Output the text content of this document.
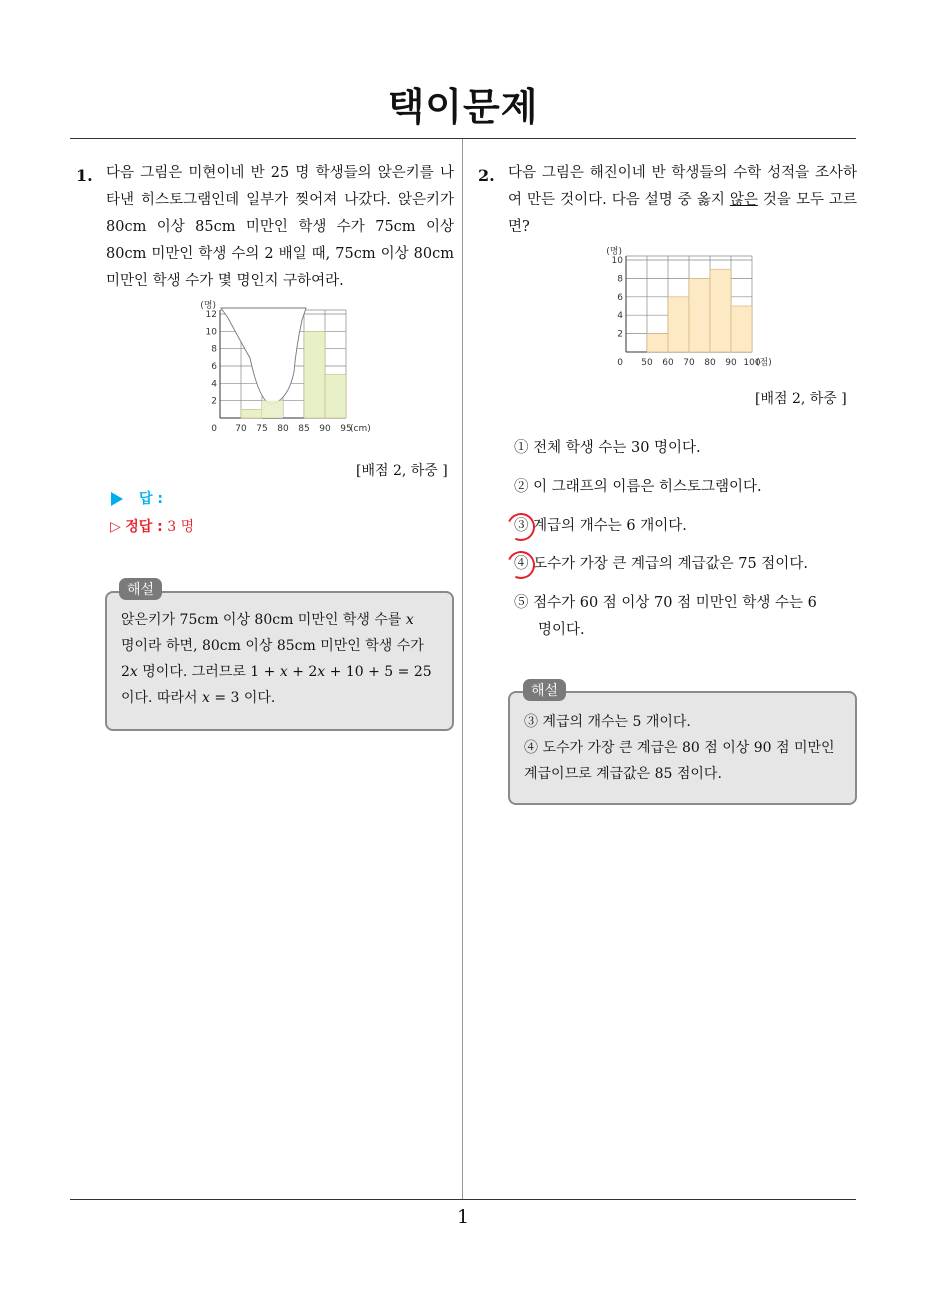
택이문제
1. 다음 그림은 미현이네 반 25 명 학생들의 앉은키를 나타낸 히스토그램인데 일부가 찢어져 나갔다. 앉은키가 80cm 이상 85cm 미만인 학생 수가 75cm 이상 80cm 미만인 학생 수의 2 배일 때, 75cm 이상 80cm 미만인 학생 수가 몇 명인지 구하여라.
2
4
6
8
10
12
0 70 75 80 85 90 95
(명)
(cm)
[배점 2, 하중 ]
답 :
▷ 정답 : 3 명
앉은키가 75cm 이상 80cm 미만인 학생 수를 x
명이라 하면, 80cm 이상 85cm 미만인 학생 수가
2x 명이다. 그러므로 1 + x + 2x + 10 + 5 = 25
이다. 따라서 x = 3 이다.
해설
2. 다음 그림은 해진이네 반 학생들의 수학 성적을 조사하여 만든 것이다. 다음 설명 중 옳지 않은 것을 모두 고르면?
2
4
6
8
10
0 50 60 70 80 90 100
(명)
(점)
[배점 2, 하중 ]
① 전체 학생 수는 30 명이다.
② 이 그래프의 이름은 히스토그램이다.
③ 계급의 개수는 6 개이다.
④ 도수가 가장 큰 계급의 계급값은 75 점이다.
⑤ 점수가 60 점 이상 70 점 미만인 학생 수는 6
명이다.
③ 계급의 개수는 5 개이다.
④ 도수가 가장 큰 계급은 80 점 이상 90 점 미만인
계급이므로 계급값은 85 점이다.
해설
1
